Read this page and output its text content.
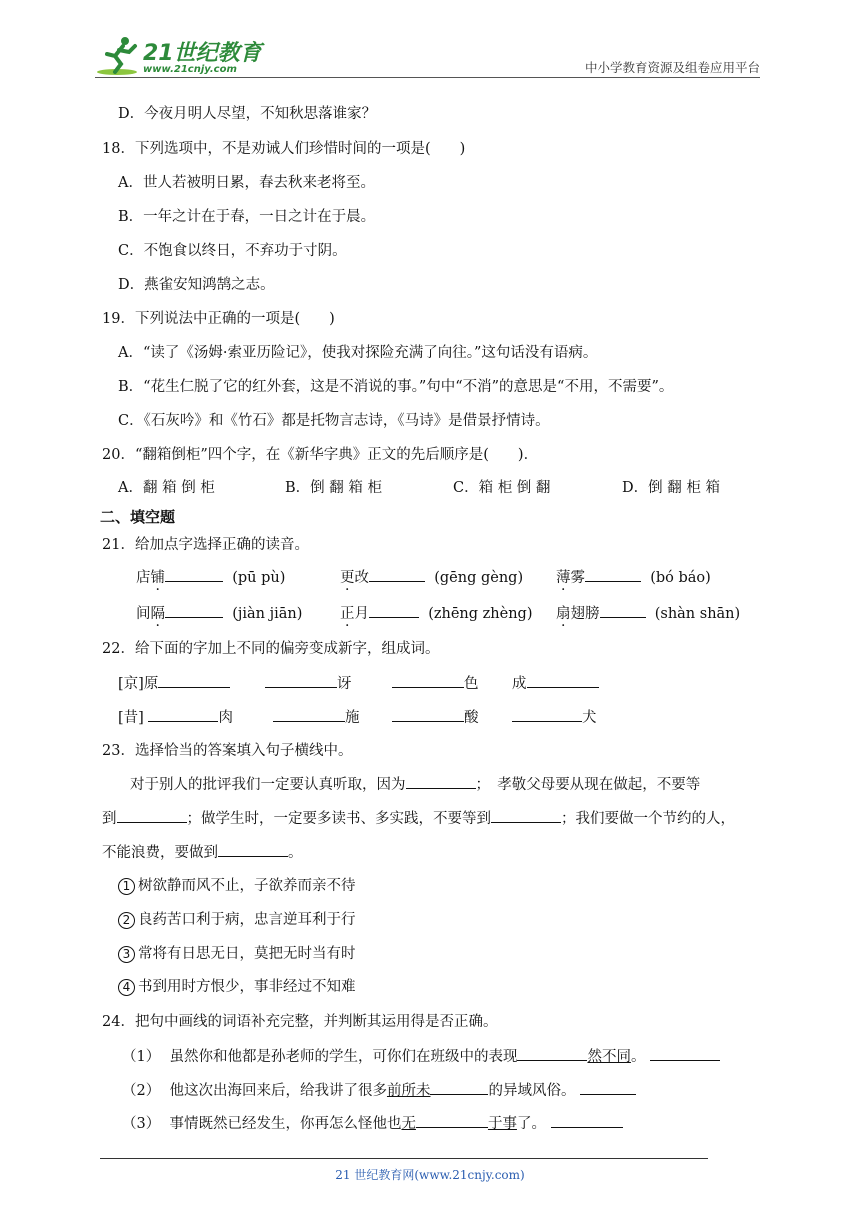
21世纪教育
www.21cnjy.com	中小学教育资源及组卷应用平台
D．今夜月明人尽望，不知秋思落谁家？
18．下列选项中，不是劝诫人们珍惜时间的一项是(　　)
A．世人若被明日累，春去秋来老将至。
B．一年之计在于春，一日之计在于晨。
C．不饱食以终日，不弃功于寸阴。
D．燕雀安知鸿鹄之志。
19．下列说法中正确的一项是(　　)
A．“读了《汤姆·索亚历险记》，使我对探险充满了向往。”这句话没有语病。
B．“花生仁脱了它的红外套，这是不消说的事。”句中“不消”的意思是“不用，不需要”。
C．《石灰吟》和《竹石》都是托物言志诗，《马诗》是借景抒情诗。
20．“翻箱倒柜”四个字，在《新华字典》正文的先后顺序是(　　)．
A．翻 箱 倒 柜	B．倒 翻 箱 柜	C．箱 柜 倒 翻	D．倒 翻 柜 箱
二、填空题
21．给加点字选择正确的读音。
店铺	(pū pù)	更改	(gēng gèng) 薄雾	(bó báo)
间隔	(jiàn jiān)	正月	(zhēng zhèng) 扇翅膀	(shàn shān)
22．给下面的字加上不同的偏旁变成新字，组成词。
[京]原	讶	色 成
[昔]	肉	施	酸	犬
23．选择恰当的答案填入句子横线中。
对于别人的批评我们一定要认真听取，因为	；　孝敬父母要从现在做起，不要等
到	；做学生时，一定要多读书、多实践，不要等到	；我们要做一个节约的人，
不能浪费，要做到	。
1 树欲静而风不止，子欲养而亲不待
2 良药苦口利于病，忠言逆耳利于行
3 常将有日思无日，莫把无时当有时
4 书到用时方恨少，事非经过不知难
24．把句中画线的词语补充完整，并判断其运用得是否正确。
（1） 虽然你和他都是孙老师的学生，可你们在班级中的表现	然不同。
（2） 他这次出海回来后，给我讲了很多前所未	的异域风俗。
（3） 事情既然已经发生，你再怎么怪他也无	于事了。
21 世纪教育网(www.21cnjy.com)
